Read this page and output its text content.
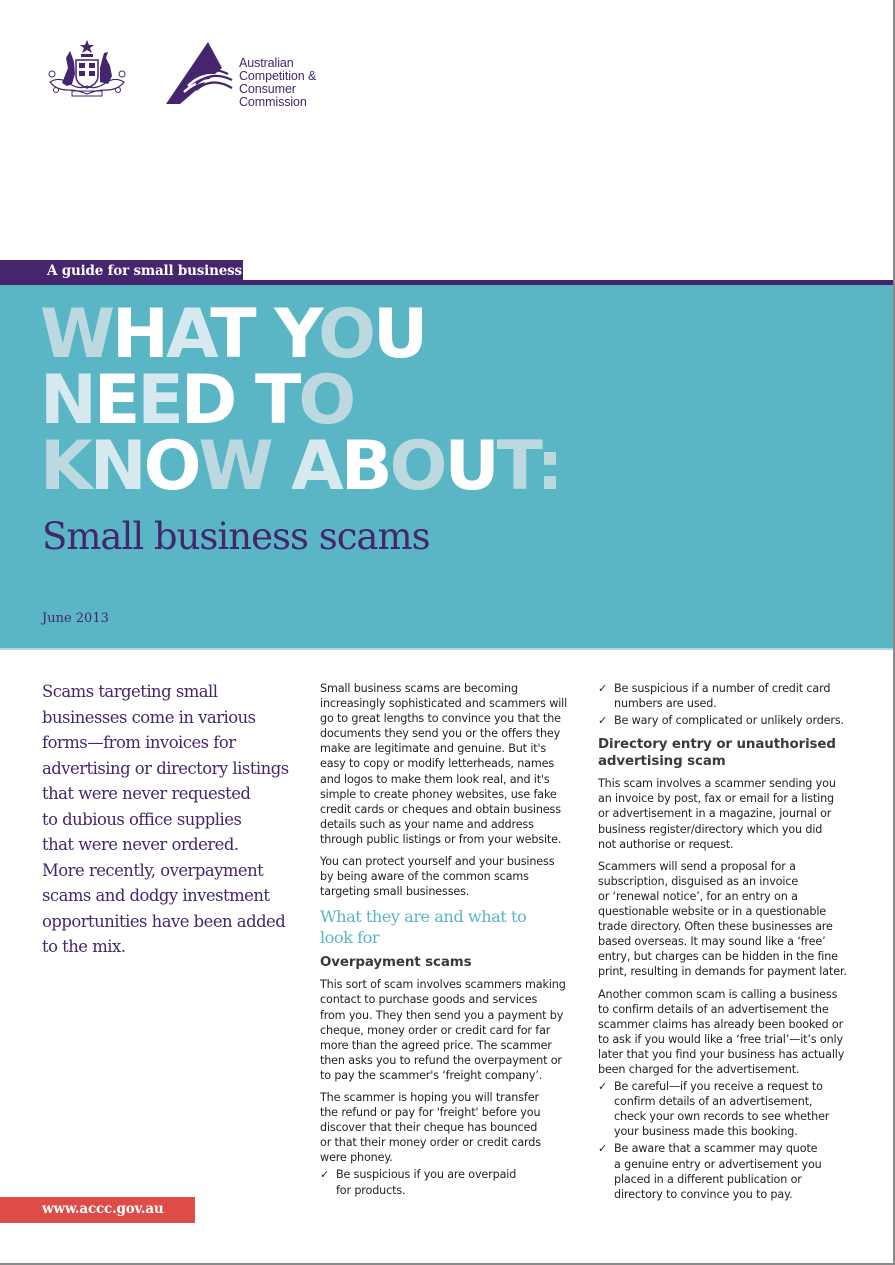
Australian
Competition &
Consumer
Commission
A guide for small business
WHAT YOU
NEED TO
KNOW ABOUT:
Small business scams
June 2013
Scams targeting small
businesses come in various
forms—from invoices for
advertising or directory listings
that were never requested
to dubious office supplies
that were never ordered.
More recently, overpayment
scams and dodgy investment
opportunities have been added
to the mix.

Small business scams are becoming
increasingly sophisticated and scammers will
go to great lengths to convince you that the
documents they send you or the offers they
make are legitimate and genuine. But it's
easy to copy or modify letterheads, names
and logos to make them look real, and it's
simple to create phoney websites, use fake
credit cards or cheques and obtain business
details such as your name and address
through public listings or from your website.

You can protect yourself and your business
by being aware of the common scams
targeting small businesses.

What they are and what to
look for
Overpayment scams

This sort of scam involves scammers making
contact to purchase goods and services
from you. They then send you a payment by
cheque, money order or credit card for far
more than the agreed price. The scammer
then asks you to refund the overpayment or
to pay the scammer's ‘freight company’.

The scammer is hoping you will transfer
the refund or pay for 'freight' before you
discover that their cheque has bounced
or that their money order or credit cards
were phoney.

✓ Be suspicious if you are overpaid
for products.
✓ Be suspicious if a number of credit card
numbers are used.
✓ Be wary of complicated or unlikely orders.
Directory entry or unauthorised
advertising scam

This scam involves a scammer sending you
an invoice by post, fax or email for a listing
or advertisement in a magazine, journal or
business register/directory which you did
not authorise or request.

Scammers will send a proposal for a
subscription, disguised as an invoice
or ‘renewal notice’, for an entry on a
questionable website or in a questionable
trade directory. Often these businesses are
based overseas. It may sound like a ‘free’
entry, but charges can be hidden in the fine
print, resulting in demands for payment later.

Another common scam is calling a business
to confirm details of an advertisement the
scammer claims has already been booked or
to ask if you would like a ‘free trial’—it’s only
later that you find your business has actually
been charged for the advertisement.

✓ Be careful—if you receive a request to
confirm details of an advertisement,
check your own records to see whether
your business made this booking.
✓ Be aware that a scammer may quote
a genuine entry or advertisement you
placed in a different publication or
directory to convince you to pay.
www.accc.gov.au
